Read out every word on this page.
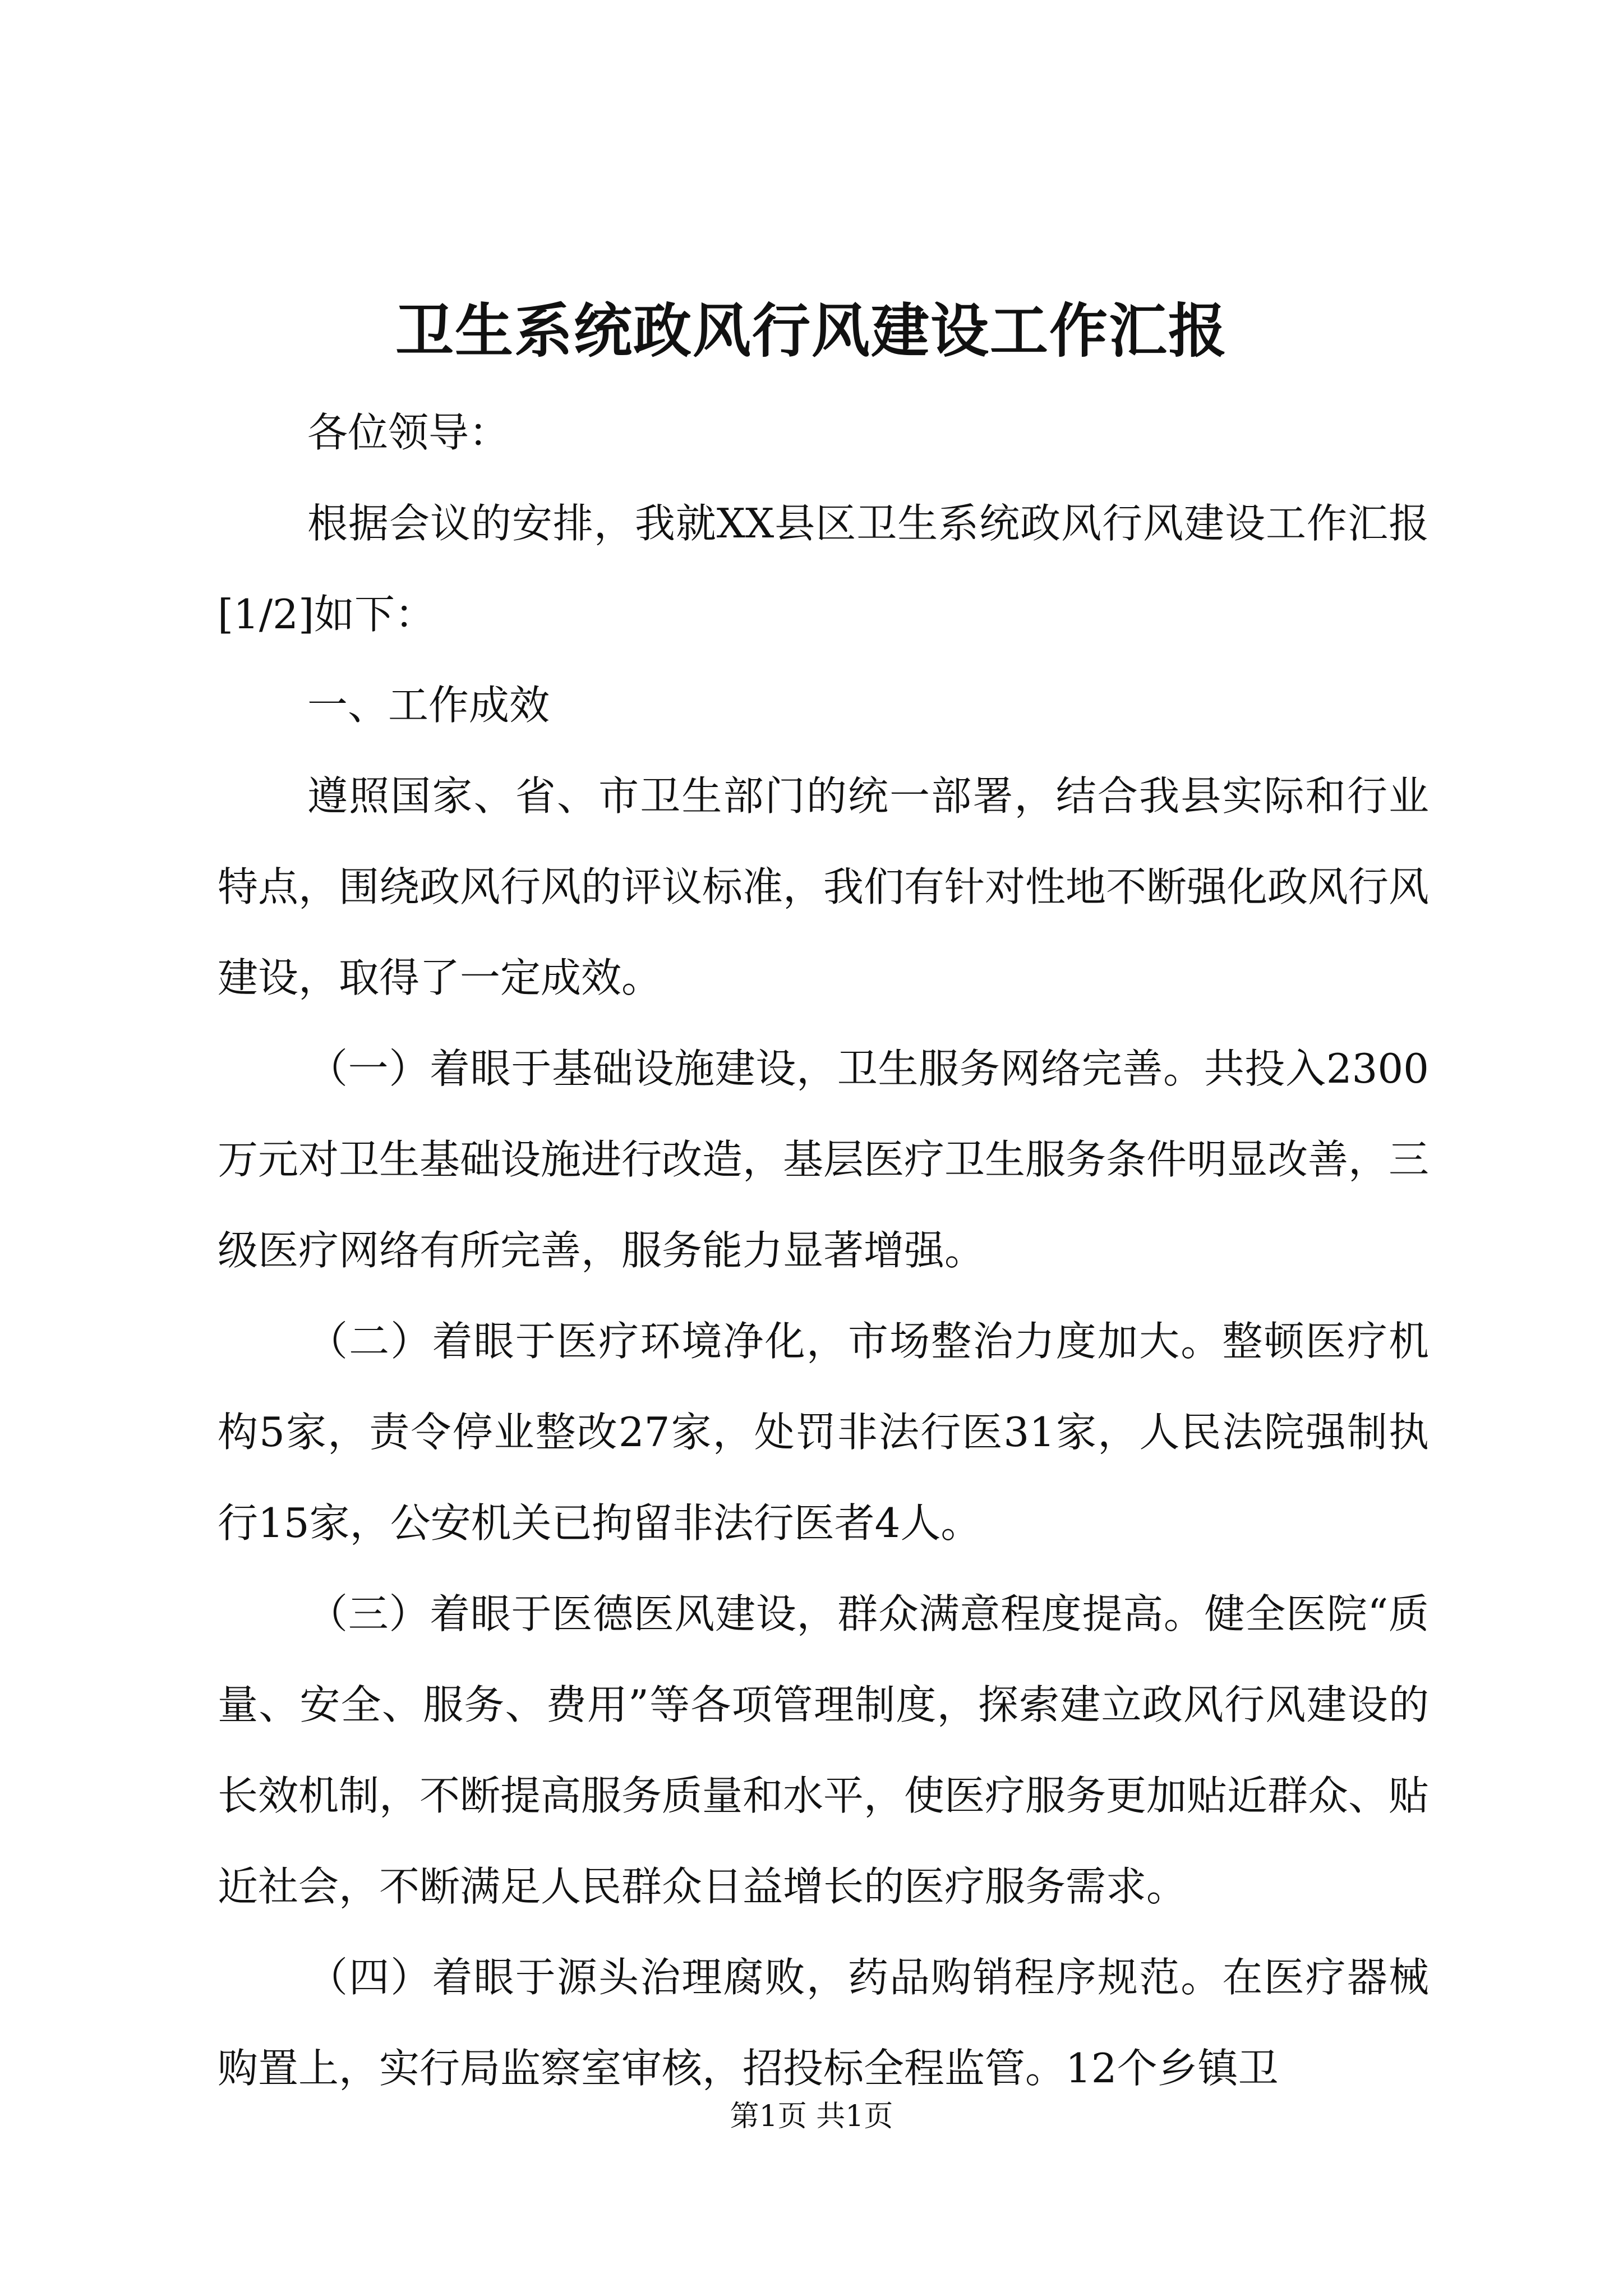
卫生系统政风行风建设工作汇报

各位领导：

根据会议的安排，我就XX县区卫生系统政风行风建设工作汇报[1/2]如下：

一、工作成效

遵照国家、省、市卫生部门的统一部署，结合我县实际和行业特点，围绕政风行风的评议标准，我们有针对性地不断强化政风行风建设，取得了一定成效。

（一）着眼于基础设施建设，卫生服务网络完善。共投入2300万元对卫生基础设施进行改造，基层医疗卫生服务条件明显改善，三级医疗网络有所完善，服务能力显著增强。

（二）着眼于医疗环境净化，市场整治力度加大。整顿医疗机构5家，责令停业整改27家，处罚非法行医31家，人民法院强制执行15家，公安机关已拘留非法行医者4人。

（三）着眼于医德医风建设，群众满意程度提高。健全医院“质量、安全、服务、费用”等各项管理制度，探索建立政风行风建设的长效机制，不断提高服务质量和水平，使医疗服务更加贴近群众、贴近社会，不断满足人民群众日益增长的医疗服务需求。

（四）着眼于源头治理腐败，药品购销程序规范。在医疗器械购置上，实行局监察室审核，招投标全程监管。12个乡镇卫

第1页 共1页
